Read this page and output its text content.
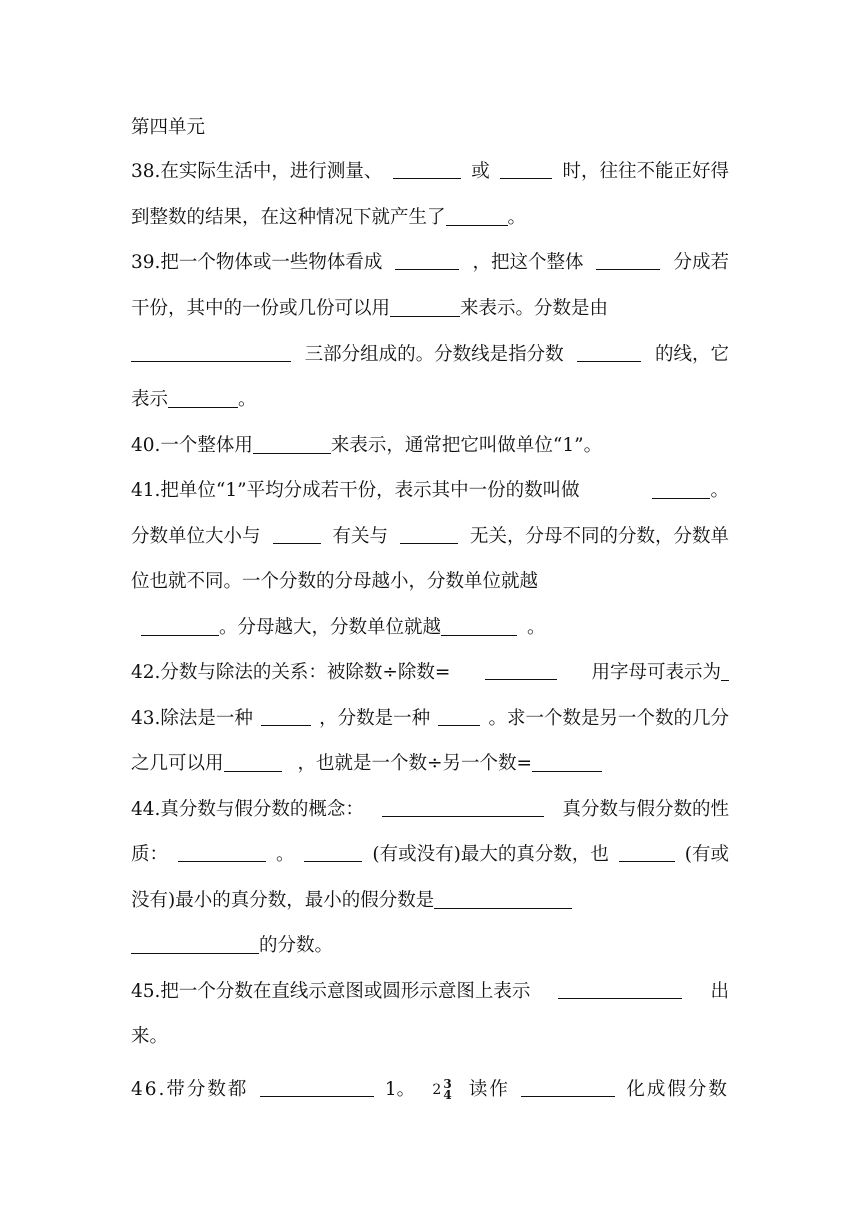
第四单元
38.在实际生活中，进行测量、	或	时，往往不能正好得
到整数的结果，在这种情况下就产生了	。
39.把一个物体或一些物体看成	，把这个整体	分成若
干份，其中的一份或几份可以用	来表示。分数是由
三部分组成的。分数线是指分数	的线，它
表示	。
40.一个整体用	来表示，通常把它叫做单位“1”。
41.把单位“1”平均分成若干份，表示其中一份的数叫做	。
分数单位大小与	有关与	无关，分母不同的分数，分数单
位也就不同。一个分数的分母越小，分数单位就越
。分母越大，分数单位就越	。
42.分数与除法的关系：被除数÷除数=	用字母可表示为
43.除法是一种	，分数是一种	。求一个数是另一个数的几分
之几可以用	，也就是一个数÷另一个数=
44.真分数与假分数的概念：	真分数与假分数的性
质：	。	(有或没有)最大的真分数，也	(有或
没有)最小的真分数，最小的假分数是
的分数。
45.把一个分数在直线示意图或圆形示意图上表示	出
来。
46.带分数都	1。 2 3
4 读作	化成假分数
